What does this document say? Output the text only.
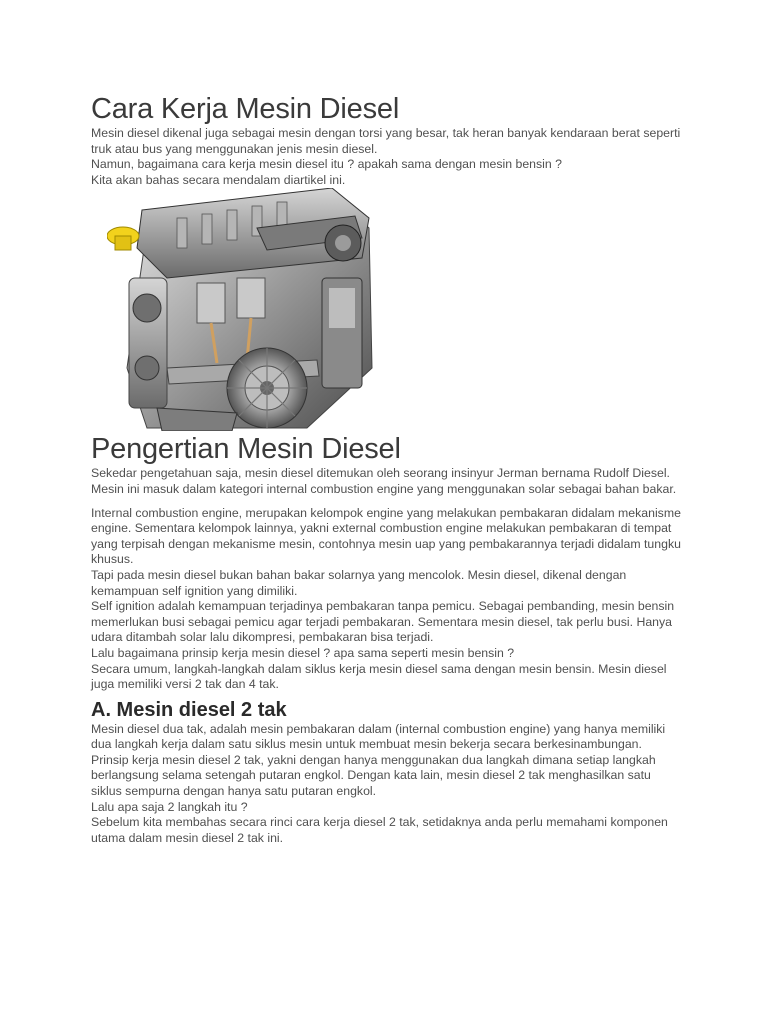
Cara Kerja Mesin Diesel

Mesin diesel dikenal juga sebagai mesin dengan torsi yang besar, tak heran banyak kendaraan berat seperti truk atau bus yang menggunakan jenis mesin diesel.

Namun, bagaimana cara kerja mesin diesel itu ? apakah sama dengan mesin bensin ?

Kita akan bahas secara mendalam diartikel ini.

Pengertian Mesin Diesel

Sekedar pengetahuan saja, mesin diesel ditemukan oleh seorang insinyur Jerman bernama Rudolf Diesel. Mesin ini masuk dalam kategori internal combustion engine yang menggunakan solar sebagai bahan bakar.

Internal combustion engine, merupakan kelompok engine yang melakukan pembakaran didalam mekanisme engine. Sementara kelompok lainnya, yakni external combustion engine melakukan pembakaran di tempat yang terpisah dengan mekanisme mesin, contohnya mesin uap yang pembakarannya terjadi didalam tungku khusus.

Tapi pada mesin diesel bukan bahan bakar solarnya yang mencolok. Mesin diesel, dikenal dengan kemampuan self ignition yang dimiliki.

Self ignition adalah kemampuan terjadinya pembakaran tanpa pemicu. Sebagai pembanding, mesin bensin memerlukan busi sebagai pemicu agar terjadi pembakaran. Sementara mesin diesel, tak perlu busi. Hanya udara ditambah solar lalu dikompresi, pembakaran bisa terjadi.

Lalu bagaimana prinsip kerja mesin diesel ? apa sama seperti mesin bensin ?

Secara umum, langkah-langkah dalam siklus kerja mesin diesel sama dengan mesin bensin. Mesin diesel juga memiliki versi 2 tak dan 4 tak.

A. Mesin diesel 2 tak

Mesin diesel dua tak, adalah mesin pembakaran dalam (internal combustion engine) yang hanya memiliki dua langkah kerja dalam satu siklus mesin untuk membuat mesin bekerja secara berkesinambungan.

Prinsip kerja mesin diesel 2 tak, yakni dengan hanya menggunakan dua langkah dimana setiap langkah berlangsung selama setengah putaran engkol. Dengan kata lain, mesin diesel 2 tak menghasilkan satu siklus sempurna dengan hanya satu putaran engkol.

Lalu apa saja 2 langkah itu ?

Sebelum kita membahas secara rinci cara kerja diesel 2 tak, setidaknya anda perlu memahami komponen utama dalam mesin diesel 2 tak ini.
